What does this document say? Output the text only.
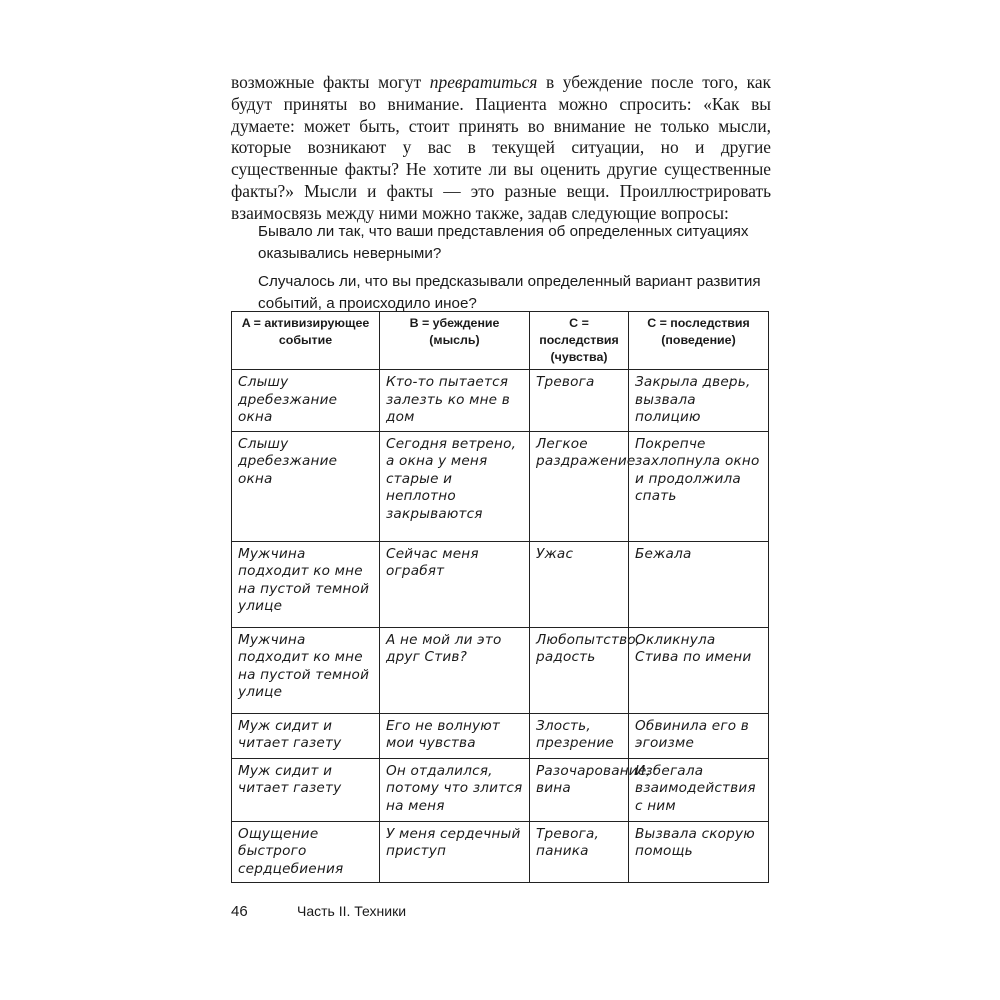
возможные факты могут превратиться в убеждение после того, как будут приняты во внимание. Пациента можно спросить: «Как вы думаете: может быть, стоит принять во внимание не только мысли, которые возникают у вас в текущей ситуации, но и другие существенные факты? Не хотите ли вы оценить другие существенные факты?» Мысли и факты — это разные вещи. Проиллюстрировать взаимосвязь между ними можно также, задав следующие вопросы:

Бывало ли так, что ваши представления об определенных ситуациях оказывались неверными?

Случалось ли, что вы предсказывали определенный вариант развития событий, а происходило иное?

A = активизирующее событие	B = убеждение (мысль)	C = последствия (чувства)	C = последствия (поведение)
Слышу дребезжание окна	Кто-то пытается залезть ко мне в дом	Тревога	Закрыла дверь, вызвала полицию
Слышу дребезжание окна	Сегодня ветрено, а окна у меня старые и неплотно закрываются	Легкое раздражение	Покрепче захлопнула окно и продолжила спать
Мужчина подходит ко мне на пустой темной улице	Сейчас меня ограбят	Ужас	Бежала
Мужчина подходит ко мне на пустой темной улице	А не мой ли это друг Стив?	Любопытство, радость	Окликнула Стива по имени
Муж сидит и читает газету	Его не волнуют мои чувства	Злость, презрение	Обвинила его в эгоизме
Муж сидит и читает газету	Он отдалился, потому что злится на меня	Разочарование, вина	Избегала взаимодействия с ним
Ощущение быстрого сердцебиения	У меня сердечный приступ	Тревога, паника	Вызвала скорую помощь
46	Часть II. Техники
